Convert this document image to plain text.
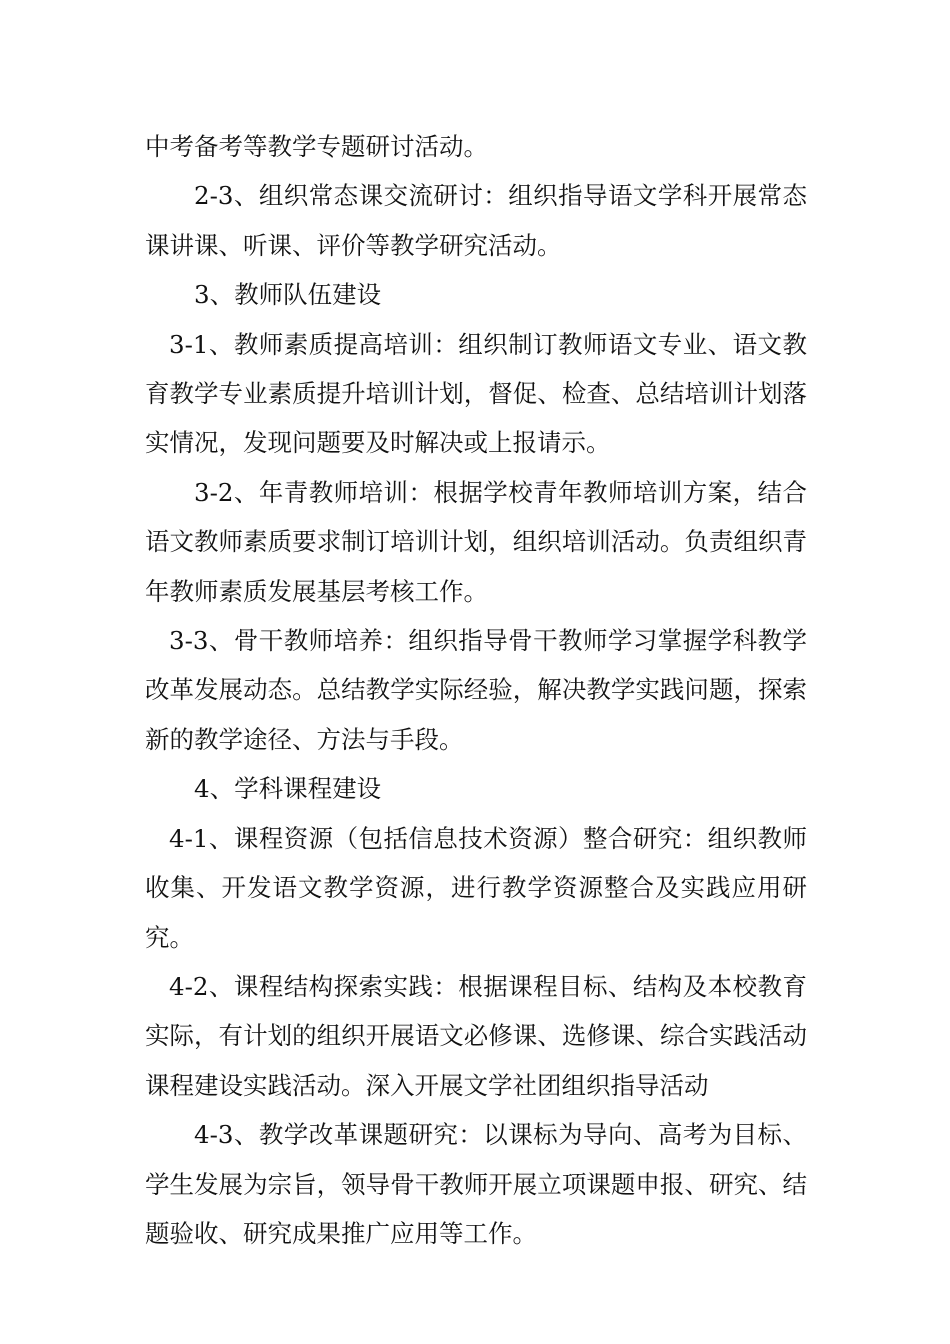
中考备考等教学专题研讨活动。

2-3、组织常态课交流研讨：组织指导语文学科开展常态课讲课、听课、评价等教学研究活动。

3、教师队伍建设

3-1、教师素质提高培训：组织制订教师语文专业、语文教育教学专业素质提升培训计划，督促、检查、总结培训计划落实情况，发现问题要及时解决或上报请示。

3-2、年青教师培训：根据学校青年教师培训方案，结合语文教师素质要求制订培训计划，组织培训活动。负责组织青年教师素质发展基层考核工作。

3-3、骨干教师培养：组织指导骨干教师学习掌握学科教学改革发展动态。总结教学实际经验，解决教学实践问题，探索新的教学途径、方法与手段。

4、学科课程建设

4-1、课程资源（包括信息技术资源）整合研究：组织教师收集、开发语文教学资源，进行教学资源整合及实践应用研究。

4-2、课程结构探索实践：根据课程目标、结构及本校教育实际，有计划的组织开展语文必修课、选修课、综合实践活动课程建设实践活动。深入开展文学社团组织指导活动

4-3、教学改革课题研究：以课标为导向、高考为目标、学生发展为宗旨，领导骨干教师开展立项课题申报、研究、结题验收、研究成果推广应用等工作。
